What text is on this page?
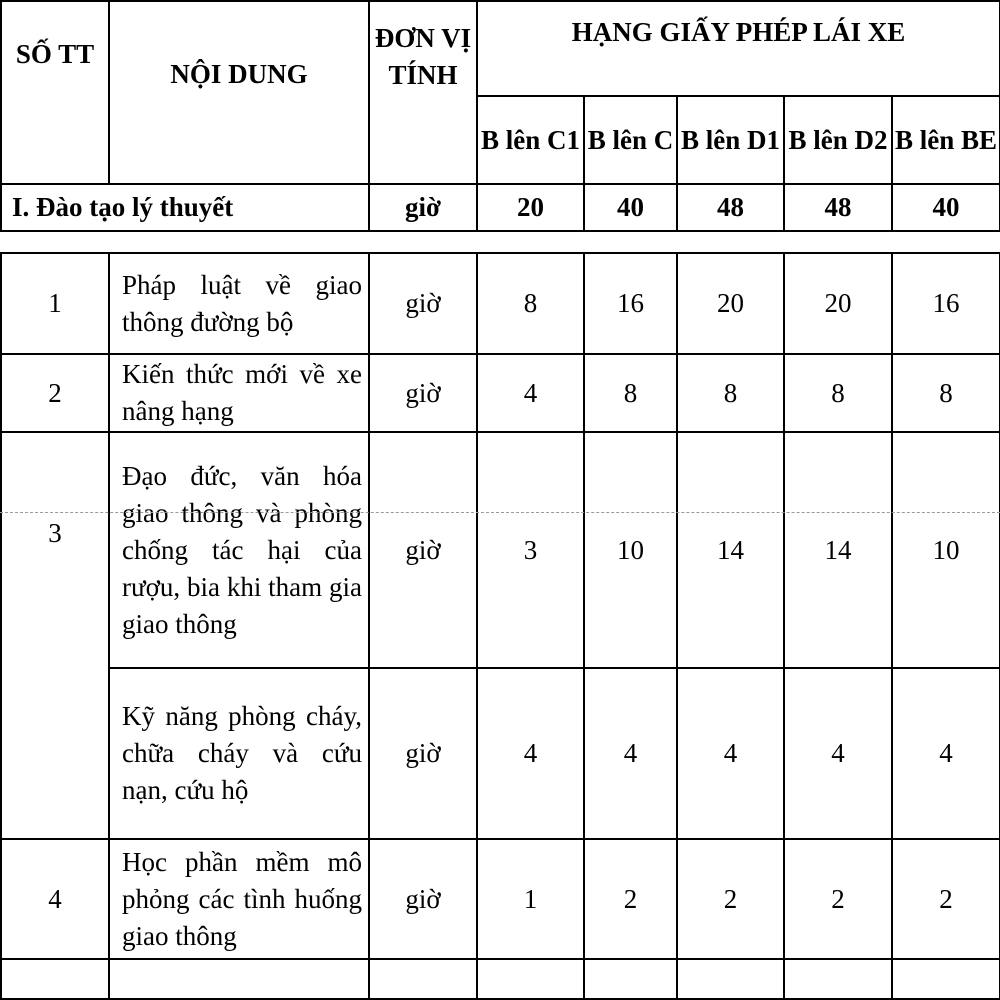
SỐ TT	NỘI DUNG	ĐƠN VỊ TÍNH	HẠNG GIẤY PHÉP LÁI XE				
			B lên C1	B lên C	B lên D1	B lên D2	B lên BE
I. Đào tạo lý thuyết		giờ	20	40	48	48	40
1	Pháp luật về giao thông đường bộ	giờ	8	16	20	20	16
2	Kiến thức mới về xe nâng hạng	giờ	4	8	8	8	8
3	Đạo đức, văn hóa giao thông và phòng chống tác hại của rượu, bia khi tham gia giao thông	giờ	3	10	14	14	10
	Kỹ năng phòng cháy, chữa cháy và cứu nạn, cứu hộ	giờ	4	4	4	4	4
4	Học phần mềm mô phỏng các tình huống giao thông	giờ	1	2	2	2	2
